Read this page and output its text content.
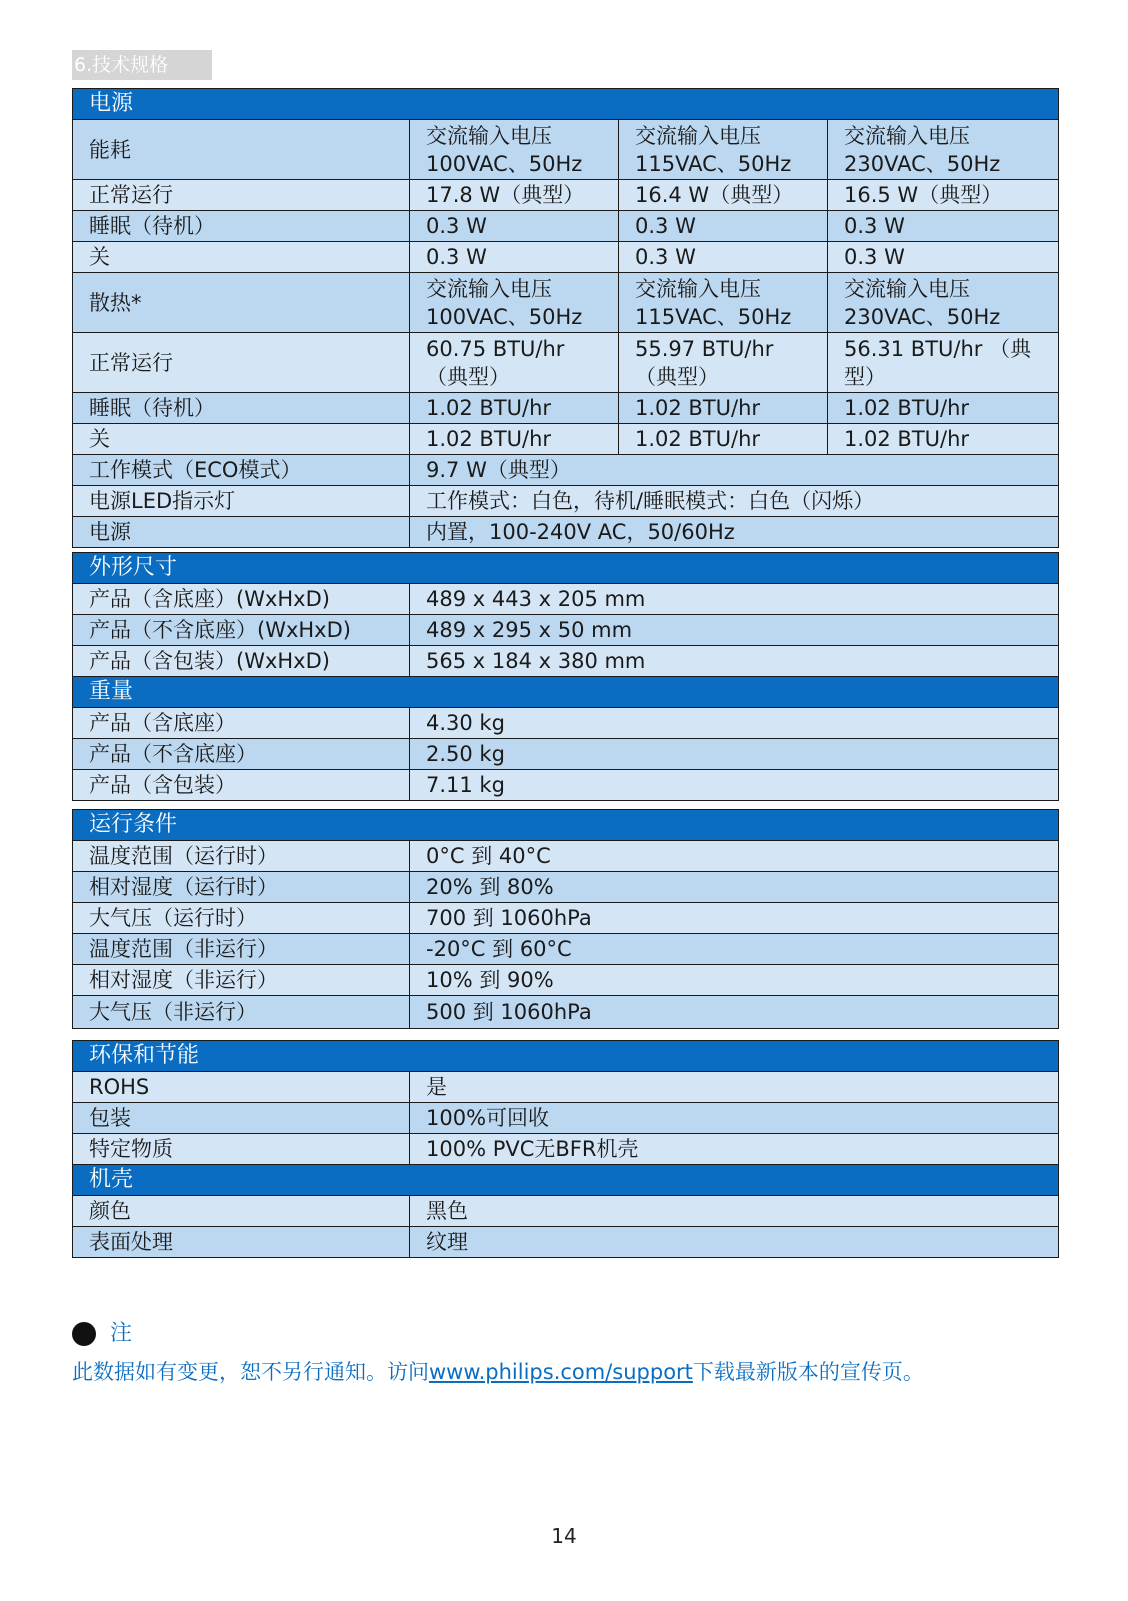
6.技术规格
电源			
能耗	交流输入电压 100VAC、50Hz	交流输入电压 115VAC、50Hz	交流输入电压 230VAC、50Hz
正常运行	17.8 W（典型）	16.4 W（典型）	16.5 W（典型）
睡眠（待机）	0.3 W	0.3 W	0.3 W
关	0.3 W	0.3 W	0.3 W
散热*	交流输入电压 100VAC、50Hz	交流输入电压 115VAC、50Hz	交流输入电压 230VAC、50Hz
正常运行	60.75 BTU/hr （典型）	55.97 BTU/hr （典型）	56.31 BTU/hr （典型）
睡眠（待机）	1.02 BTU/hr	1.02 BTU/hr	1.02 BTU/hr
关	1.02 BTU/hr	1.02 BTU/hr	1.02 BTU/hr
工作模式（ECO模式）	9.7 W（典型）		
电源LED指示灯	工作模式：白色，待机/睡眠模式：白色（闪烁）		
电源	内置，100-240V AC，50/60Hz		
外形尺寸	
产品（含底座）(WxHxD)	489 x 443 x 205 mm
产品（不含底座）(WxHxD)	489 x 295 x 50 mm
产品（含包装）(WxHxD)	565 x 184 x 380 mm
重量	
产品（含底座）	4.30 kg
产品（不含底座）	2.50 kg
产品（含包装）	7.11 kg
运行条件	
温度范围（运行时）	0°C 到 40°C
相对湿度（运行时）	20% 到 80%
大气压（运行时）	700 到 1060hPa
温度范围（非运行）	-20°C 到 60°C
相对湿度（非运行）	10% 到 90%
大气压（非运行）	500 到 1060hPa
环保和节能	
ROHS	是
包装	100%可回收
特定物质	100% PVC无BFR机壳
机壳	
颜色	黑色
表面处理	纹理
注
此数据如有变更，恕不另行通知。访问www.philips.com/support下载最新版本的宣传页。
14
